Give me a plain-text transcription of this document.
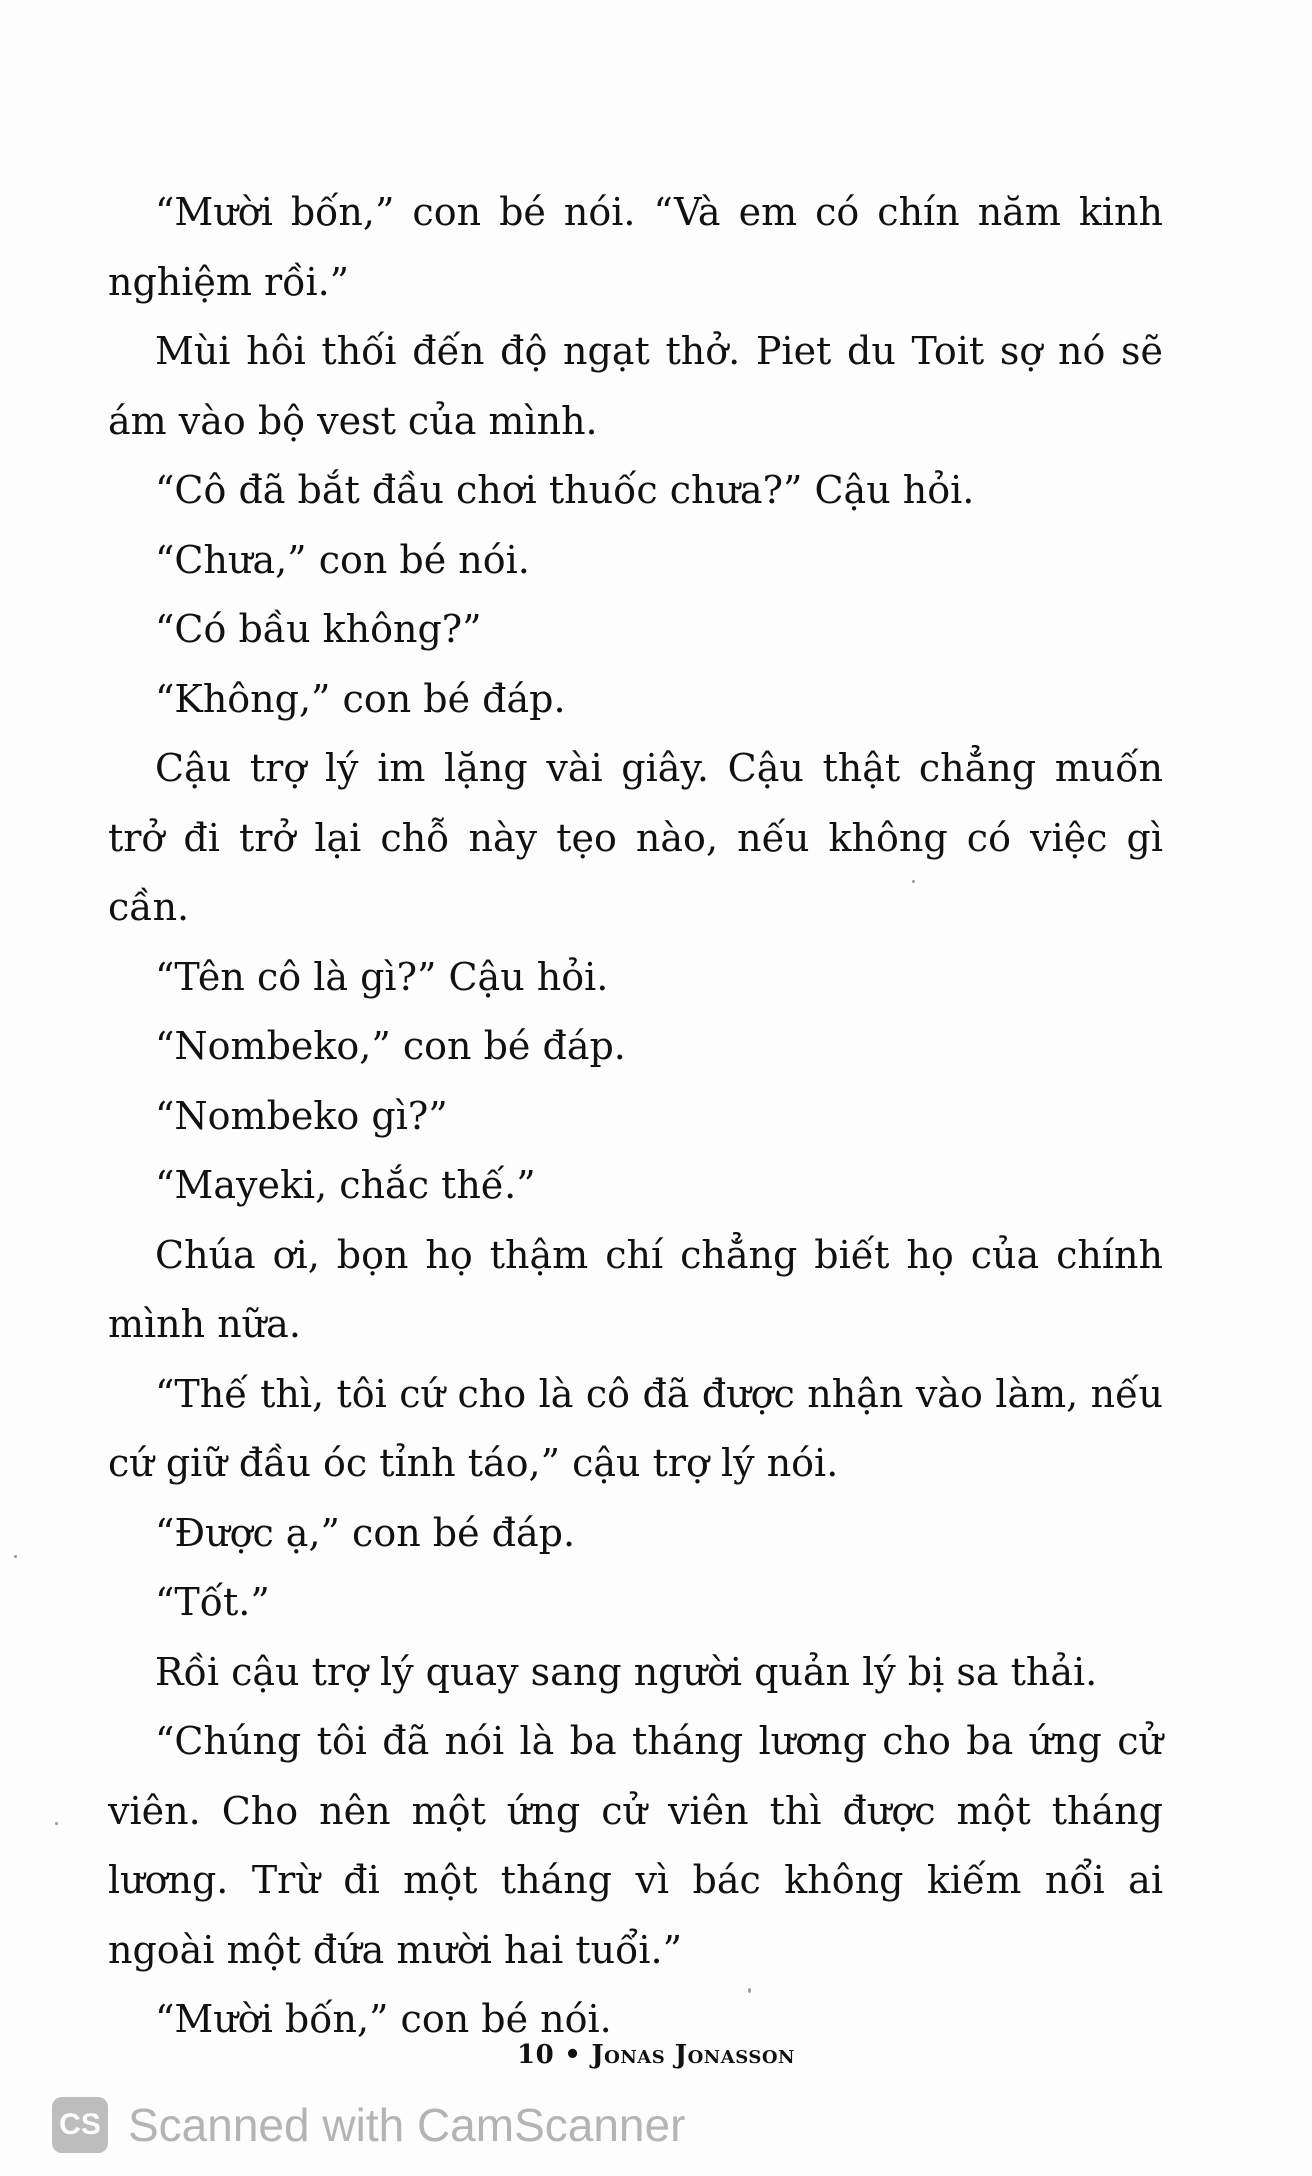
“Mười bốn,” con bé nói. “Và em có chín năm kinh nghiệm rồi.”

Mùi hôi thối đến độ ngạt thở. Piet du Toit sợ nó sẽ ám vào bộ vest của mình.

“Cô đã bắt đầu chơi thuốc chưa?” Cậu hỏi.

“Chưa,” con bé nói.

“Có bầu không?”

“Không,” con bé đáp.

Cậu trợ lý im lặng vài giây. Cậu thật chẳng muốn trở đi trở lại chỗ này tẹo nào, nếu không có việc gì cần.

“Tên cô là gì?” Cậu hỏi.

“Nombeko,” con bé đáp.

“Nombeko gì?”

“Mayeki, chắc thế.”

Chúa ơi, bọn họ thậm chí chẳng biết họ của chính mình nữa.

“Thế thì, tôi cứ cho là cô đã được nhận vào làm, nếu cứ giữ đầu óc tỉnh táo,” cậu trợ lý nói.

“Được ạ,” con bé đáp.

“Tốt.”

Rồi cậu trợ lý quay sang người quản lý bị sa thải.

“Chúng tôi đã nói là ba tháng lương cho ba ứng cử viên. Cho nên một ứng cử viên thì được một tháng lương. Trừ đi một tháng vì bác không kiếm nổi ai ngoài một đứa mười hai tuổi.”

“Mười bốn,” con bé nói.

10 • Jonas Jonasson
CS Scanned with CamScanner
